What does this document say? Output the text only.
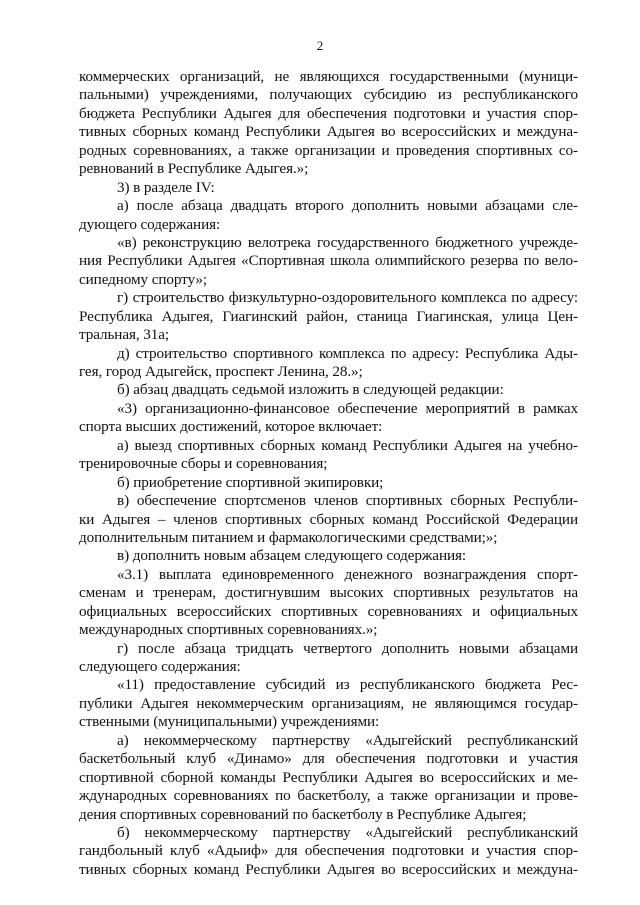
2
коммерческих организаций, не являющихся государственными (муници-
пальными) учреждениями, получающих субсидию из республиканского
бюджета Республики Адыгея для обеспечения подготовки и участия спор-
тивных сборных команд Республики Адыгея во всероссийских и междуна-
родных соревнованиях, а также организации и проведения спортивных со-
ревнований в Республике Адыгея.»;
3) в разделе IV:
а) после абзаца двадцать второго дополнить новыми абзацами сле-
дующего содержания:
«в) реконструкцию велотрека государственного бюджетного учрежде-
ния Республики Адыгея «Спортивная школа олимпийского резерва по вело-
сипедному спорту»;
г) строительство физкультурно-оздоровительного комплекса по адресу:
Республика Адыгея, Гиагинский район, станица Гиагинская, улица Цен-
тральная, 31а;
д) строительство спортивного комплекса по адресу: Республика Ады-
гея, город Адыгейск, проспект Ленина, 28.»;
б) абзац двадцать седьмой изложить в следующей редакции:
«3) организационно-финансовое обеспечение мероприятий в рамках
спорта высших достижений, которое включает:
а) выезд спортивных сборных команд Республики Адыгея на учебно-
тренировочные сборы и соревнования;
б) приобретение спортивной экипировки;
в) обеспечение спортсменов членов спортивных сборных Республи-
ки Адыгея – членов спортивных сборных команд Российской Федерации
дополнительным питанием и фармакологическими средствами;»;
в) дополнить новым абзацем следующего содержания:
«3.1) выплата единовременного денежного вознаграждения спорт-
сменам и тренерам, достигнувшим высоких спортивных результатов на
официальных всероссийских спортивных соревнованиях и официальных
международных спортивных соревнованиях.»;
г) после абзаца тридцать четвертого дополнить новыми абзацами
следующего содержания:
«11) предоставление субсидий из республиканского бюджета Рес-
публики Адыгея некоммерческим организациям, не являющимся государ-
ственными (муниципальными) учреждениями:
а) некоммерческому партнерству «Адыгейский республиканский
баскетбольный клуб «Динамо» для обеспечения подготовки и участия
спортивной сборной команды Республики Адыгея во всероссийских и ме-
ждународных соревнованиях по баскетболу, а также организации и прове-
дения спортивных соревнований по баскетболу в Республике Адыгея;
б) некоммерческому партнерству «Адыгейский республиканский
гандбольный клуб «Адыиф» для обеспечения подготовки и участия спор-
тивных сборных команд Республики Адыгея во всероссийских и междуна-
